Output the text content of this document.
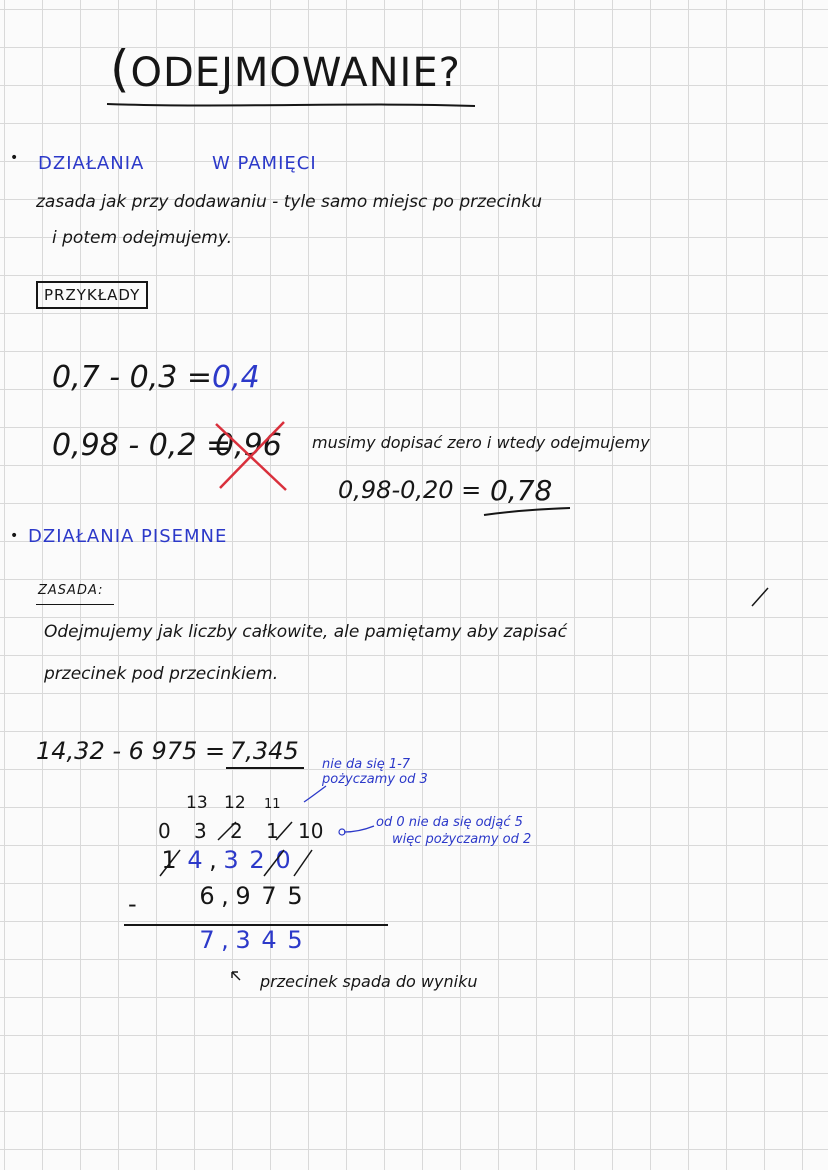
(ODEJMOWANIE?
• DZIAŁANIA	W PAMIĘCI
zasada jak przy dodawaniu - tyle samo miejsc po przecinku
i potem odejmujemy.
PRZYKŁADY
0,7 - 0,3 = 0,4
0,98 - 0,2 =
0,96 musimy dopisać zero i wtedy odejmujemy
0,98-0,20 = 0,78
• DZIAŁANIA PISEMNE
ZASADA:
Odejmujemy jak liczby całkowite, ale pamiętamy aby zapisać
przecinek pod przecinkiem.
14,32 - 6 975 = 7,345 nie da się 1-7
pożyczamy od 3
od 0 nie da się odjąć 5
więc pożyczamy od 2
13 12 11
0 3 2 1 10
1 4 , 3 2 0
-	6 , 9 7 5
7 , 3 4 5
przecinek spada do wyniku
